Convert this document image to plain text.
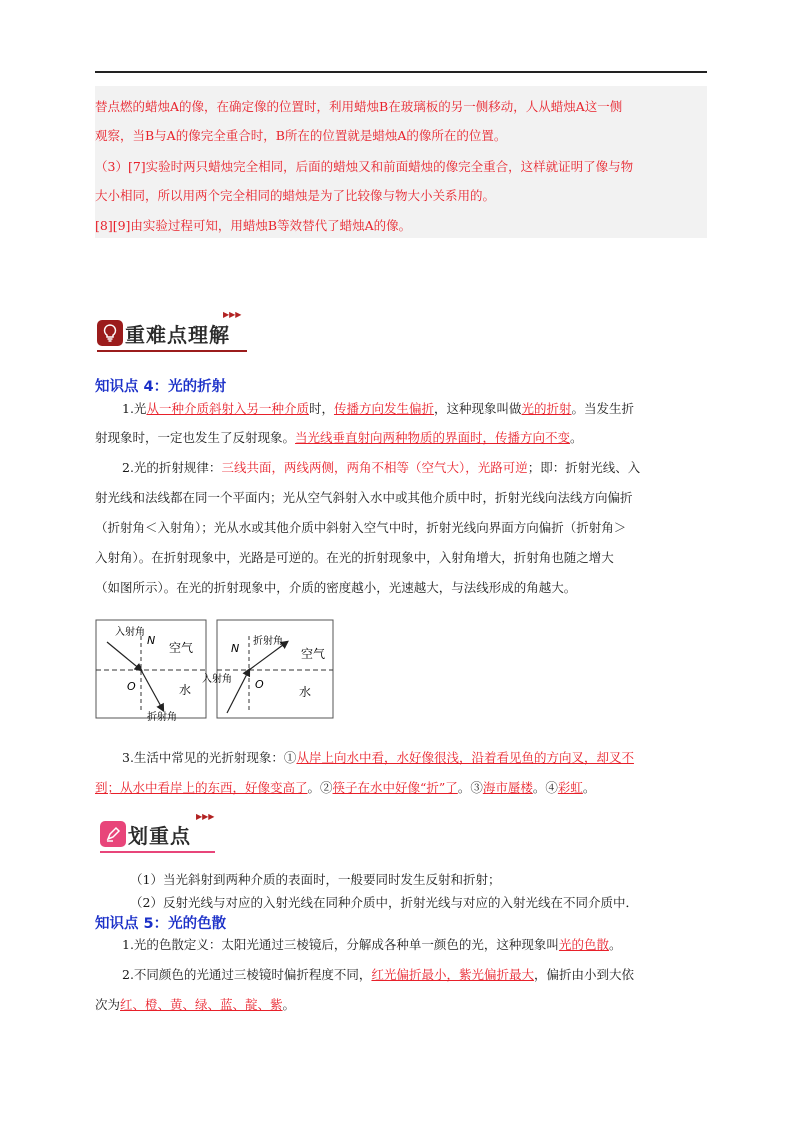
替点燃的蜡烛A的像，在确定像的位置时，利用蜡烛B在玻璃板的另一侧移动，人从蜡烛A这一侧

观察，当B与A的像完全重合时，B所在的位置就是蜡烛A的像所在的位置。

（3）[7]实验时两只蜡烛完全相同，后面的蜡烛又和前面蜡烛的像完全重合，这样就证明了像与物

大小相同，所以用两个完全相同的蜡烛是为了比较像与物大小关系用的。

[8][9]由实验过程可知，用蜡烛B等效替代了蜡烛A的像。

重难点理解
▶▶▶
知识点 4：光的折射

1.光从一种介质斜射入另一种介质时，传播方向发生偏折，这种现象叫做光的折射。当发生折

射现象时，一定也发生了反射现象。当光线垂直射向两种物质的界面时，传播方向不变。

2.光的折射规律：三线共面，两线两侧，两角不相等（空气大），光路可逆；即：折射光线、入

射光线和法线都在同一个平面内；光从空气斜射入水中或其他介质中时，折射光线向法线方向偏折

（折射角＜入射角）；光从水或其他介质中斜射入空气中时，折射光线向界面方向偏折（折射角＞

入射角）。在折射现象中，光路是可逆的。在光的折射现象中，入射角增大，折射角也随之增大

（如图所示）。在光的折射现象中，介质的密度越小，光速越大，与法线形成的角越大。

入射角
N
空气
O	水
折射角
折射角
N	空气
入射角 O
水

3.生活中常见的光折射现象：①从岸上向水中看，水好像很浅，沿着看见鱼的方向叉，却叉不

到；从水中看岸上的东西，好像变高了。②筷子在水中好像“折”了。③海市蜃楼。④彩虹。

划重点
▶▶▶

（1）当光斜射到两种介质的表面时，一般要同时发生反射和折射；

（2）反射光线与对应的入射光线在同种介质中，折射光线与对应的入射光线在不同介质中．

知识点 5：光的色散

1.光的色散定义：太阳光通过三棱镜后，分解成各种单一颜色的光，这种现象叫光的色散。

2.不同颜色的光通过三棱镜时偏折程度不同，红光偏折最小，紫光偏折最大，偏折由小到大依

次为红、橙、黄、绿、蓝、靛、紫。
